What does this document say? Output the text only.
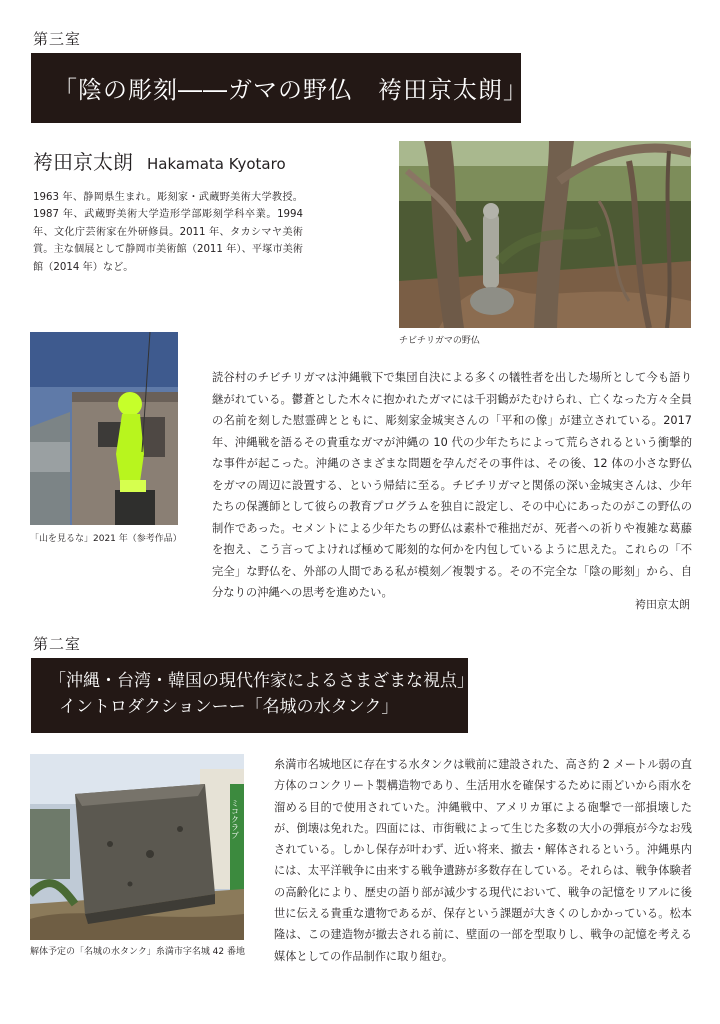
第三室
「陰の彫刻――ガマの野仏　袴田京太朗」
袴田京太朗 Hakamata Kyotaro
1963 年、静岡県生まれ。彫刻家・武蔵野美術大学教授。1987 年、武蔵野美術大学造形学部彫刻学科卒業。1994 年、文化庁芸術家在外研修員。2011 年、タカシマヤ美術賞。主な個展として静岡市美術館（2011 年）、平塚市美術館（2014 年）など。
チビチリガマの野仏
「山を見るな」2021 年（参考作品）
読谷村のチビチリガマは沖縄戦下で集団自決による多くの犠牲者を出した場所として今も語り継がれている。鬱蒼とした木々に抱かれたガマには千羽鶴がたむけられ、亡くなった方々全員の名前を刻した慰霊碑とともに、彫刻家金城実さんの「平和の像」が建立されている。2017 年、沖縄戦を語るその貴重なガマが沖縄の 10 代の少年たちによって荒らされるという衝撃的な事件が起こった。沖縄のさまざまな問題を孕んだその事件は、その後、12 体の小さな野仏をガマの周辺に設置する、という帰結に至る。チビチリガマと関係の深い金城実さんは、少年たちの保護師として彼らの教育プログラムを独自に設定し、その中心にあったのがこの野仏の制作であった。セメントによる少年たちの野仏は素朴で稚拙だが、死者への祈りや複雑な葛藤を抱え、こう言ってよければ極めて彫刻的な何かを内包しているように思えた。これらの「不完全」な野仏を、外部の人間である私が模刻／複製する。その不完全な「陰の彫刻」から、自分なりの沖縄への思考を進めたい。
袴田京太朗
第二室
「沖縄・台湾・韓国の現代作家によるさまざまな視点」
イントロダクションーー「名城の水タンク」
ミコクラブ
解体予定の「名城の水タンク」糸満市字名城 42 番地
糸満市名城地区に存在する水タンクは戦前に建設された、高さ約 2 メートル弱の直方体のコンクリート製構造物であり、生活用水を確保するために雨どいから雨水を溜める目的で使用されていた。沖縄戦中、アメリカ軍による砲撃で一部損壊したが、倒壊は免れた。四面には、市街戦によって生じた多数の大小の弾痕が今なお残されている。しかし保存が叶わず、近い将来、撤去・解体されるという。沖縄県内には、太平洋戦争に由来する戦争遺跡が多数存在している。それらは、戦争体験者の高齢化により、歴史の語り部が減少する現代において、戦争の記憶をリアルに後世に伝える貴重な遺物であるが、保存という課題が大きくのしかかっている。松本隆は、この建造物が撤去される前に、壁面の一部を型取りし、戦争の記憶を考える媒体としての作品制作に取り組む。
